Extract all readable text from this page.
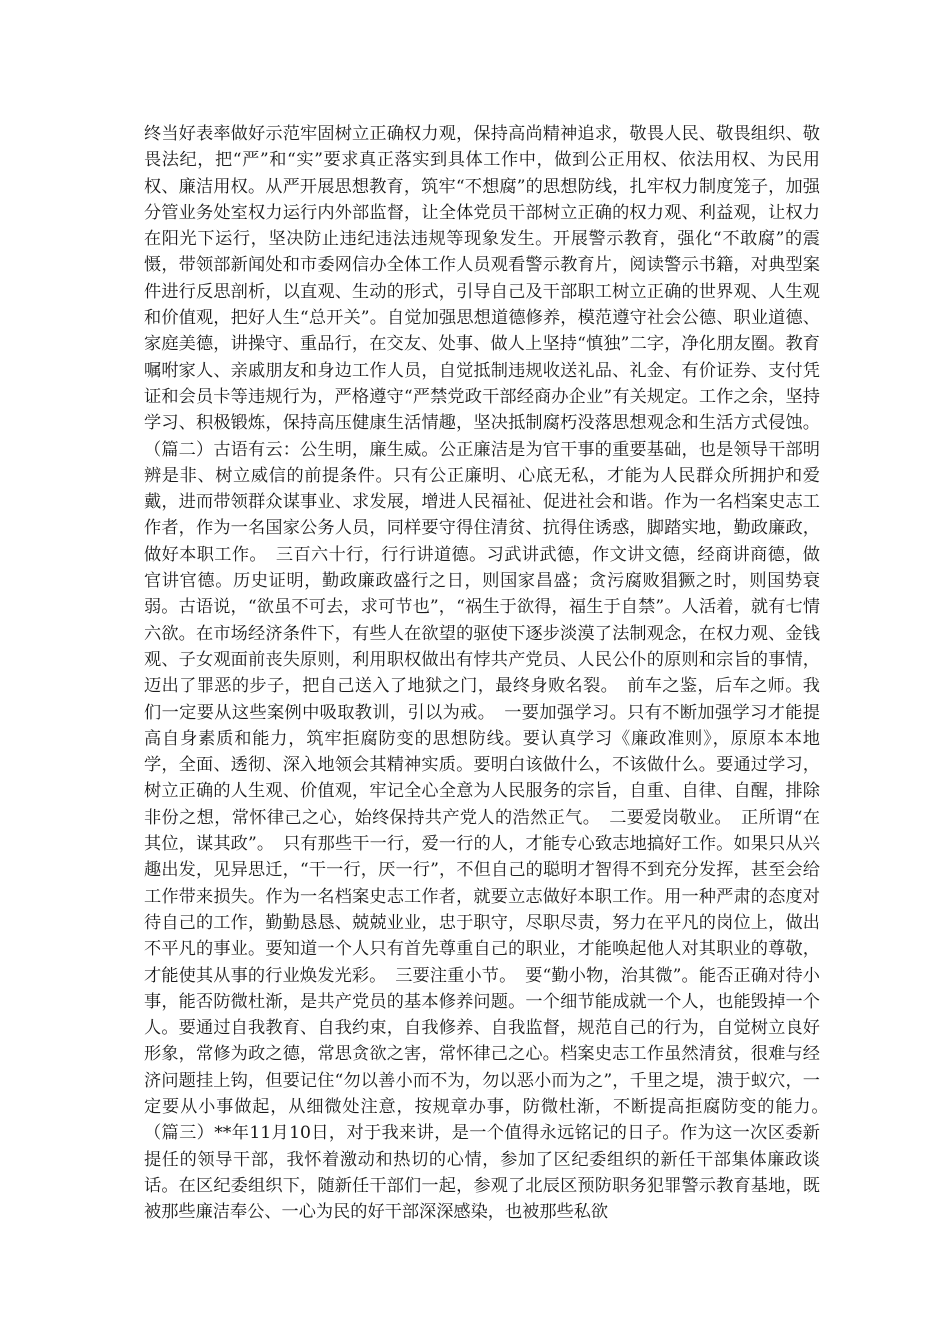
终当好表率做好示范牢固树立正确权力观，保持高尚精神追求，敬畏人民、敬畏组织、敬畏法纪，把“严”和“实”要求真正落实到具体工作中，做到公正用权、依法用权、为民用权、廉洁用权。从严开展思想教育，筑牢“不想腐”的思想防线，扎牢权力制度笼子，加强分管业务处室权力运行内外部监督，让全体党员干部树立正确的权力观、利益观，让权力在阳光下运行，坚决防止违纪违法违规等现象发生。开展警示教育，强化“不敢腐”的震慑，带领部新闻处和市委网信办全体工作人员观看警示教育片，阅读警示书籍，对典型案件进行反思剖析，以直观、生动的形式，引导自己及干部职工树立正确的世界观、人生观和价值观，把好人生“总开关”。自觉加强思想道德修养，模范遵守社会公德、职业道德、家庭美德，讲操守、重品行，在交友、处事、做人上坚持“慎独”二字，净化朋友圈。教育嘱咐家人、亲戚朋友和身边工作人员，自觉抵制违规收送礼品、礼金、有价证券、支付凭证和会员卡等违规行为，严格遵守“严禁党政干部经商办企业”有关规定。工作之余，坚持学习、积极锻炼，保持高压健康生活情趣，坚决抵制腐朽没落思想观念和生活方式侵蚀。（篇二）古语有云：公生明，廉生威。公正廉洁是为官干事的重要基础，也是领导干部明辨是非、树立威信的前提条件。只有公正廉明、心底无私，才能为人民群众所拥护和爱戴，进而带领群众谋事业、求发展，增进人民福祉、促进社会和谐。作为一名档案史志工作者，作为一名国家公务人员，同样要守得住清贫、抗得住诱惑，脚踏实地，勤政廉政，做好本职工作。　三百六十行，行行讲道德。习武讲武德，作文讲文德，经商讲商德，做官讲官德。历史证明，勤政廉政盛行之日，则国家昌盛；贪污腐败猖獗之时，则国势衰弱。古语说，“欲虽不可去，求可节也”，“祸生于欲得，福生于自禁”。人活着，就有七情六欲。在市场经济条件下，有些人在欲望的驱使下逐步淡漠了法制观念，在权力观、金钱观、子女观面前丧失原则，利用职权做出有悖共产党员、人民公仆的原则和宗旨的事情，迈出了罪恶的步子，把自己送入了地狱之门，最终身败名裂。　前车之鉴，后车之师。我们一定要从这些案例中吸取教训，引以为戒。　一要加强学习。只有不断加强学习才能提高自身素质和能力，筑牢拒腐防变的思想防线。要认真学习《廉政准则》，原原本本地学，全面、透彻、深入地领会其精神实质。要明白该做什么，不该做什么。要通过学习，树立正确的人生观、价值观，牢记全心全意为人民服务的宗旨，自重、自律、自醒，排除非份之想，常怀律己之心，始终保持共产党人的浩然正气。　二要爱岗敬业。　正所谓“在其位，谋其政”。　只有那些干一行，爱一行的人，才能专心致志地搞好工作。如果只从兴趣出发，见异思迁，“干一行，厌一行”，不但自己的聪明才智得不到充分发挥，甚至会给工作带来损失。作为一名档案史志工作者，就要立志做好本职工作。用一种严肃的态度对待自己的工作，勤勤恳恳、兢兢业业，忠于职守，尽职尽责，努力在平凡的岗位上，做出不平凡的事业。要知道一个人只有首先尊重自己的职业，才能唤起他人对其职业的尊敬，才能使其从事的行业焕发光彩。　三要注重小节。　要“勤小物，治其微”。能否正确对待小事，能否防微杜渐，是共产党员的基本修养问题。一个细节能成就一个人，也能毁掉一个人。要通过自我教育、自我约束，自我修养、自我监督，规范自己的行为，自觉树立良好形象，常修为政之德，常思贪欲之害，常怀律己之心。档案史志工作虽然清贫，很难与经济问题挂上钩，但要记住“勿以善小而不为，勿以恶小而为之”，千里之堤，溃于蚁穴，一定要从小事做起，从细微处注意，按规章办事，防微杜渐，不断提高拒腐防变的能力。　（篇三）**年11月10日，对于我来讲，是一个值得永远铭记的日子。作为这一次区委新提任的领导干部，我怀着激动和热切的心情，参加了区纪委组织的新任干部集体廉政谈话。在区纪委组织下，随新任干部们一起，参观了北辰区预防职务犯罪警示教育基地，既被那些廉洁奉公、一心为民的好干部深深感染，也被那些私欲
